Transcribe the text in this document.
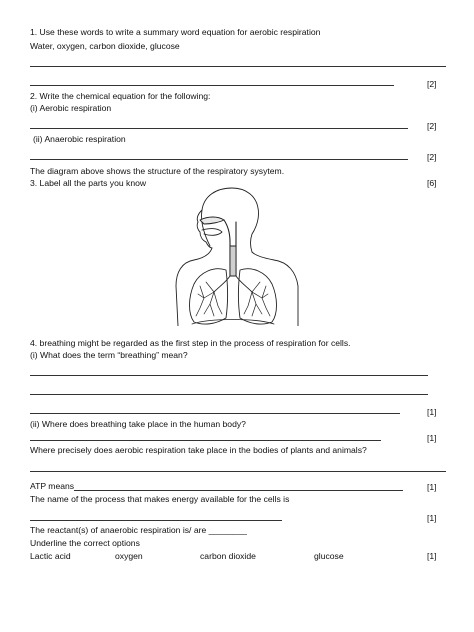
1. Use these words to write a summary word equation for aerobic respiration
Water, oxygen, carbon dioxide, glucose
[2]
2. Write the chemical equation for the following:
(i) Aerobic respiration
[2]
(ii) Anaerobic respiration
[2]
The diagram above shows the structure of the respiratory sysytem.
3. Label all the parts you know	[6]
4. breathing might be regarded as the first step in the process of respiration for cells.
(i) What does the term “breathing” mean?
[1]
(ii) Where does breathing take place in the human body?
[1]
Where precisely does aerobic respiration take place in the bodies of plants and animals?
ATP means	[1]
The name of the process that makes energy available for the cells is
[1]
The reactant(s) of anaerobic respiration is/ are ________
Underline the correct options
Lactic acid	oxygen	carbon dioxide	glucose	[1]
